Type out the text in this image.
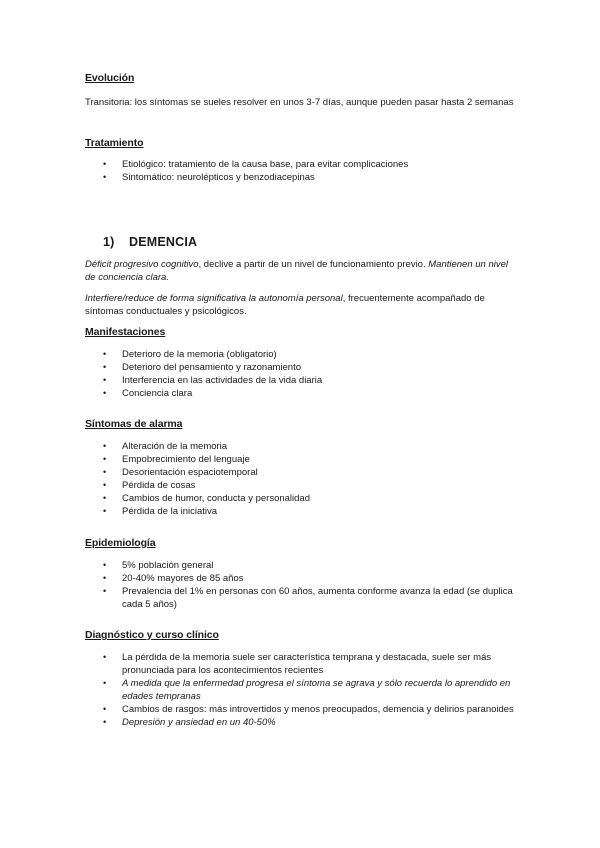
Evolución

Transitoria: los síntomas se sueles resolver en unos 3-7 días, aunque pueden pasar hasta 2 semanas

Tratamiento
• Etiológico: tratamiento de la causa base, para evitar complicaciones
• Sintomático: neurolépticos y benzodiacepinas
1) DEMENCIA

Déficit progresivo cognitivo, declive a partir de un nivel de funcionamiento previo. Mantienen un nivel de conciencia clara.

Interfiere/reduce de forma significativa la autonomía personal, frecuentemente acompañado de síntomas conductuales y psicológicos.

Manifestaciones
• Deterioro de la memoria (obligatorio)
• Deterioro del pensamiento y razonamiento
• Interferencia en las actividades de la vida diaria
• Conciencia clara
Síntomas de alarma
• Alteración de la memoria
• Empobrecimiento del lenguaje
• Desorientación espaciotemporal
• Pérdida de cosas
• Cambios de humor, conducta y personalidad
• Pérdida de la iniciativa
Epidemiología
• 5% población general
• 20-40% mayores de 85 años
• Prevalencia del 1% en personas con 60 años, aumenta conforme avanza la edad (se duplica cada 5 años)
Diagnóstico y curso clínico
• La pérdida de la memoria suele ser característica temprana y destacada, suele ser más pronunciada para los acontecimientos recientes
• A medida que la enfermedad progresa el síntoma se agrava y sólo recuerda lo aprendido en edades tempranas
• Cambios de rasgos: más introvertidos y menos preocupados, demencia y delirios paranoides
• Depresión y ansiedad en un 40-50%
